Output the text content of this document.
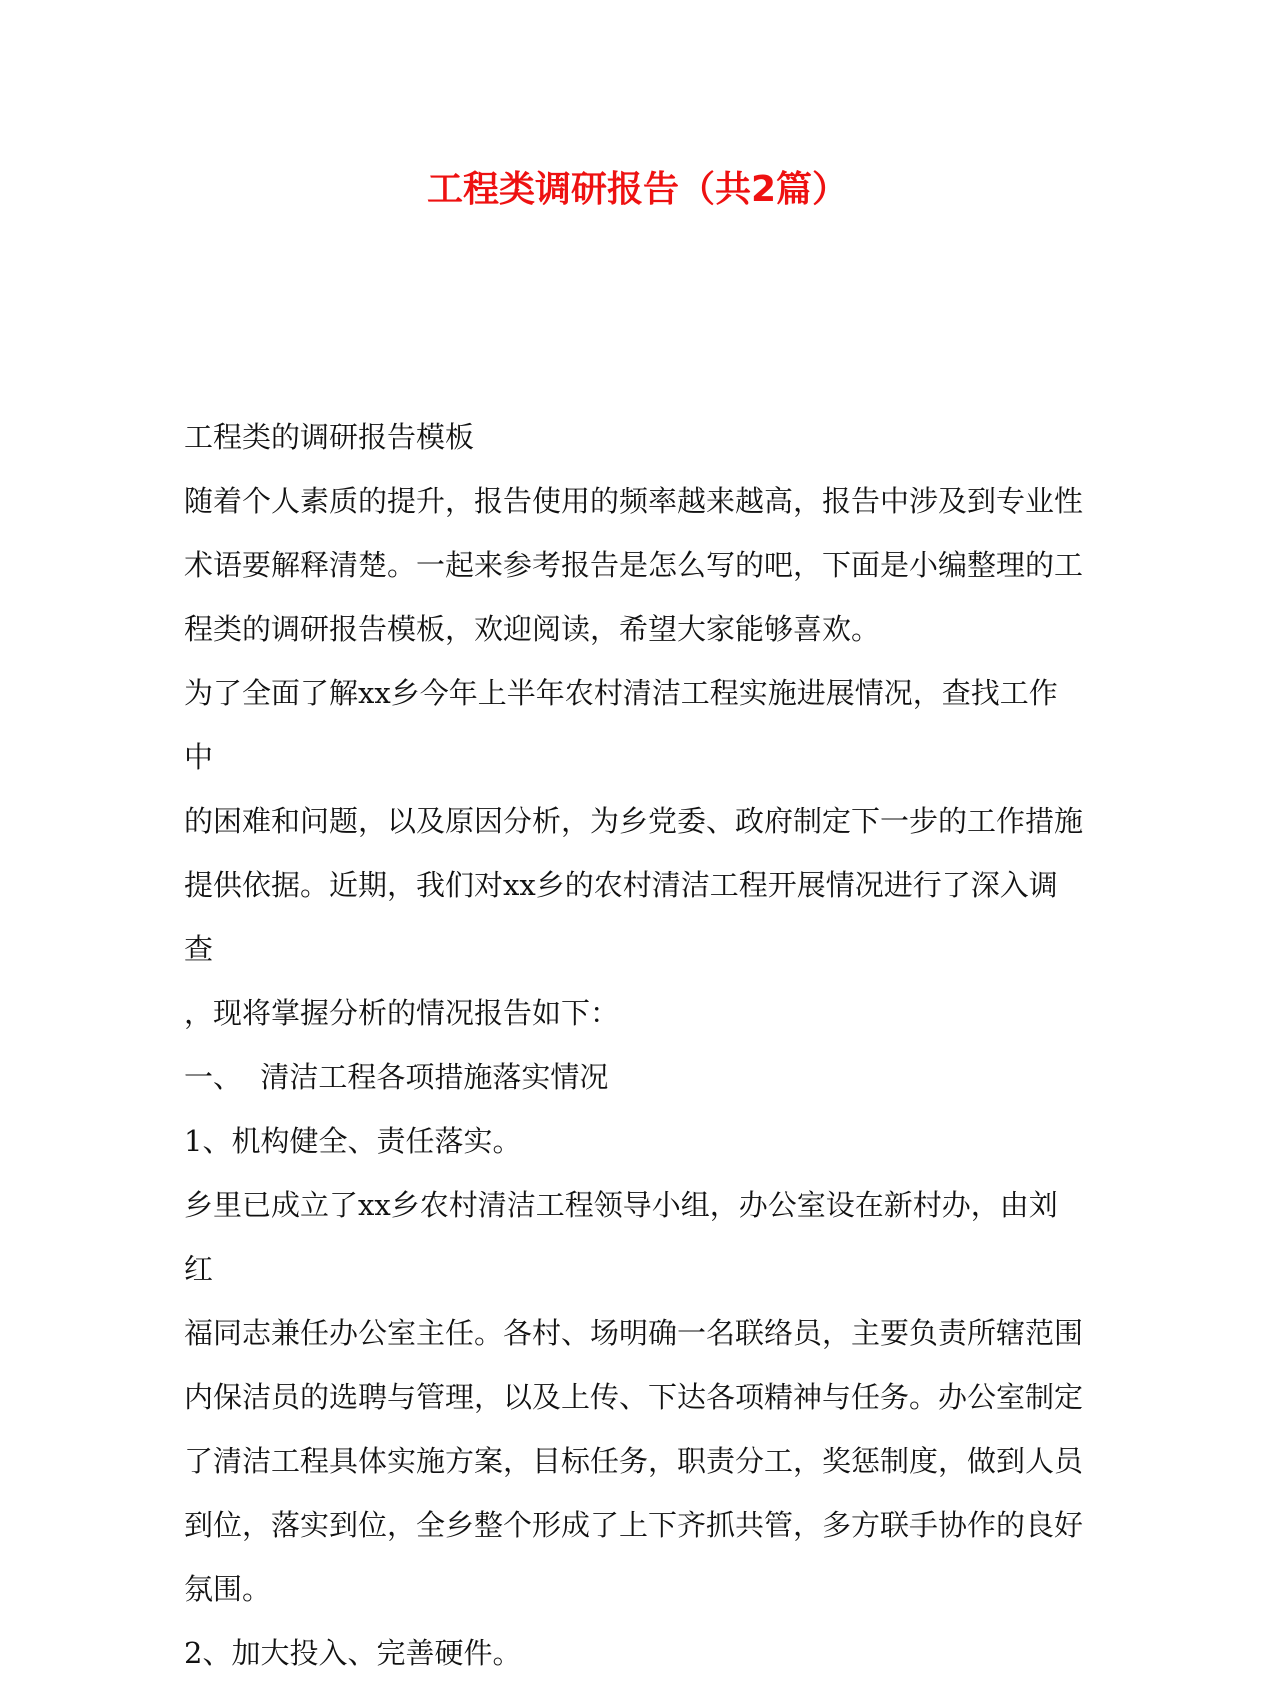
工程类调研报告（共2篇）

工程类的调研报告模板

随着个人素质的提升，报告使用的频率越来越高，报告中涉及到专业性

术语要解释清楚。一起来参考报告是怎么写的吧，下面是小编整理的工

程类的调研报告模板，欢迎阅读，希望大家能够喜欢。

为了全面了解xx乡今年上半年农村清洁工程实施进展情况，查找工作中

的困难和问题，以及原因分析，为乡党委、政府制定下一步的工作措施

提供依据。近期，我们对xx乡的农村清洁工程开展情况进行了深入调查

，现将掌握分析的情况报告如下：

一、  清洁工程各项措施落实情况

1、机构健全、责任落实。

乡里已成立了xx乡农村清洁工程领导小组，办公室设在新村办，由刘红

福同志兼任办公室主任。各村、场明确一名联络员，主要负责所辖范围

内保洁员的选聘与管理，以及上传、下达各项精神与任务。办公室制定

了清洁工程具体实施方案，目标任务，职责分工，奖惩制度，做到人员

到位，落实到位，全乡整个形成了上下齐抓共管，多方联手协作的良好

氛围。

2、加大投入、完善硬件。
